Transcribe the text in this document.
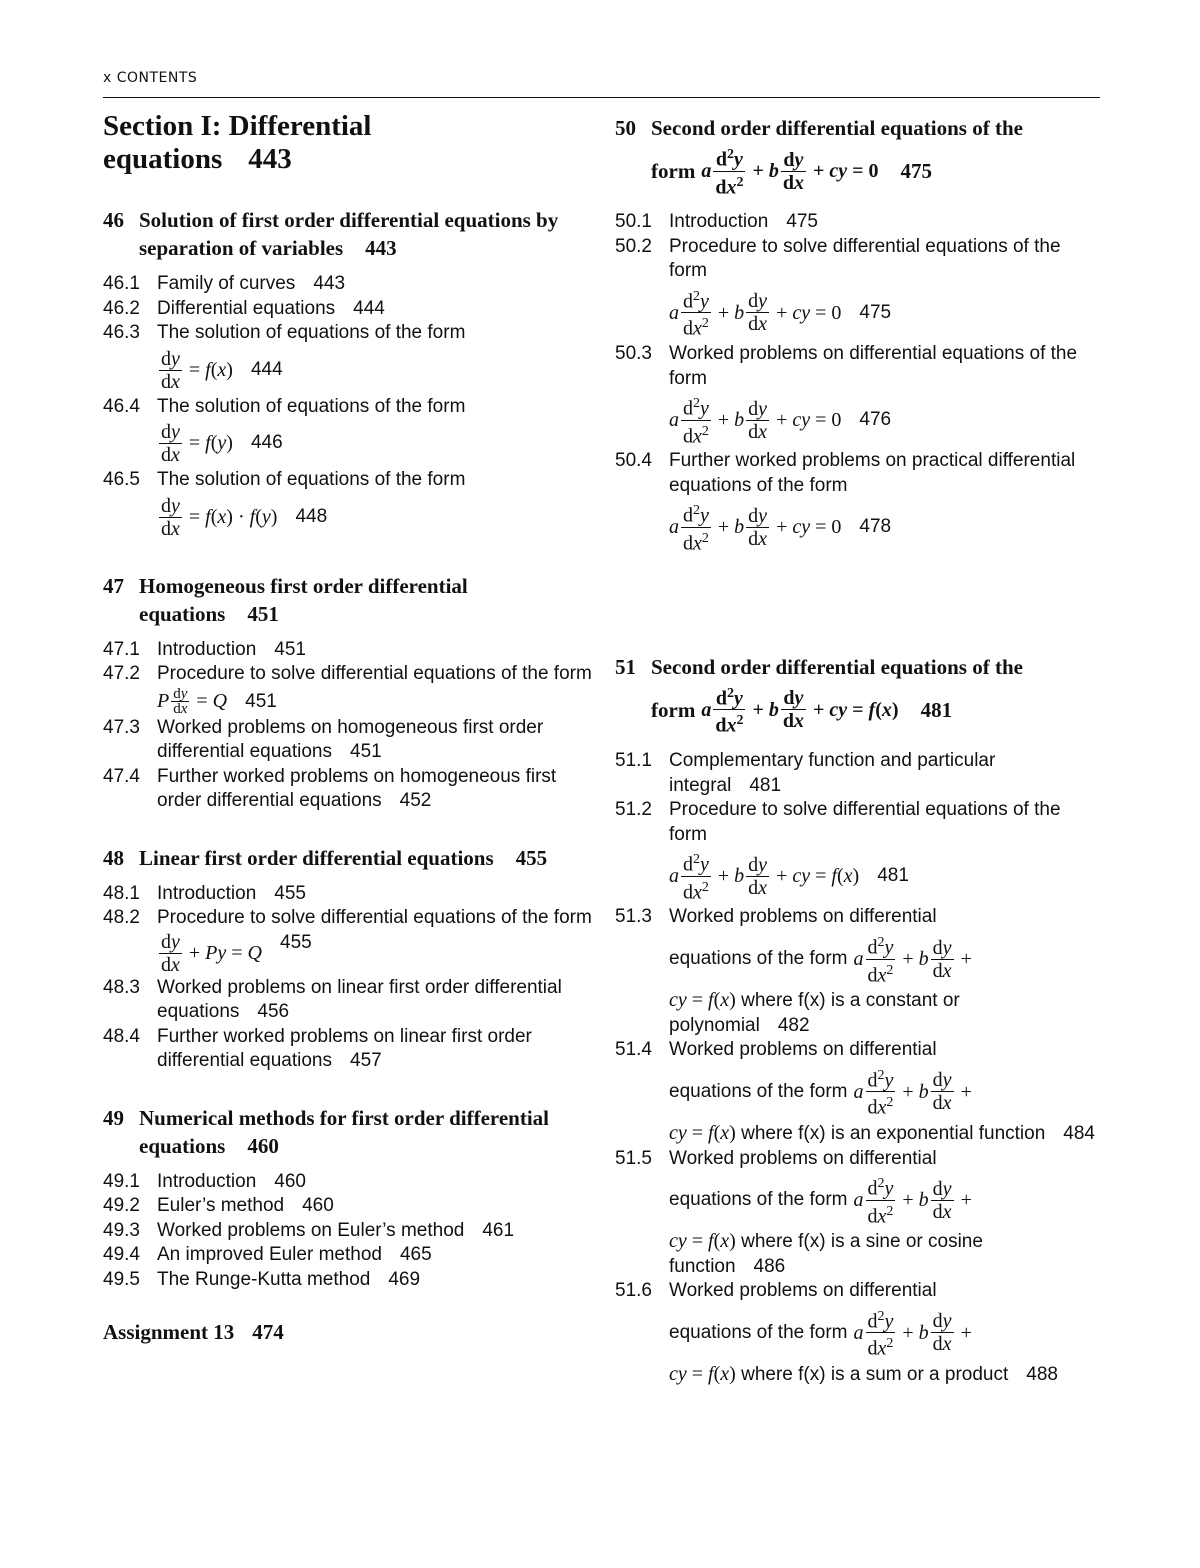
x CONTENTS
Section I: Differential
equations 443
46 Solution of first order differential equations by separation of variables 443
46.1 Family of curves 443
46.2 Differential equations 444
46.3 The solution of equations of the form
$\frac{dy}{dx} = f$ ( x ) 444
46.4 The solution of equations of the form
$\frac{dy}{dx} = f$ ( y ) 446
46.5 The solution of equations of the form
$\frac{dy}{dx} = f$ ( x ) · f ( y ) 448
47 Homogeneous first order differential equations 451
47.1 Introduction 451
47.2 Procedure to solve differential equations of the form
P $\frac{dy}{dx} = Q$ 451
47.3 Worked problems on homogeneous first order differential equations 451
47.4 Further worked problems on homogeneous first order differential equations 452
48 Linear first order differential equations 455
48.1 Introduction 455
48.2 Procedure to solve differential equations of the form
$\frac{dy}{dx} + Py = Q$ 455
48.3 Worked problems on linear first order differential equations 456
48.4 Further worked problems on linear first order differential equations 457
49 Numerical methods for first order differential equations 460
49.1 Introduction 460
49.2 Euler’s method 460
49.3 Worked problems on Euler’s method 461
49.4 An improved Euler method 465
49.5 The Runge-Kutta method 469
Assignment 13 474
50 Second order differential equations of the
form a $\frac{d^2y}{dx^2} + b \frac{dy}{dx}$ + cy = 0 475
50.1 Introduction 475
50.2 Procedure to solve differential equations of the form
a $\frac{d^2y}{dx^2} + b \frac{dy}{dx}$ + cy = 0 475
50.3 Worked problems on differential equations of the form
a $\frac{d^2y}{dx^2} + b \frac{dy}{dx}$ + cy = 0 476
50.4 Further worked problems on practical differential equations of the form
a $\frac{d^2y}{dx^2} + b \frac{dy}{dx}$ + cy = 0 478
51 Second order differential equations of the
form a $\frac{d^2y}{dx^2} + b \frac{dy}{dx}$ + cy = f ( x ) 481
51.1 Complementary function and particular integral 481
51.2 Procedure to solve differential equations of the form
a $\frac{d^2y}{dx^2} + b \frac{dy}{dx}$ + cy = f ( x ) 481
51.3 Worked problems on differential
equations of the form a $\frac{d^2y}{dx^2} + b \frac{dy}{dx}$ +
cy = f ( x ) where f(x) is a constant or polynomial 482
51.4 Worked problems on differential
equations of the form a $\frac{d^2y}{dx^2} + b \frac{dy}{dx}$ +
cy = f ( x ) where f(x) is an exponential function 484
51.5 Worked problems on differential
equations of the form a $\frac{d^2y}{dx^2} + b \frac{dy}{dx}$ +
cy = f ( x ) where f(x) is a sine or cosine function 486
51.6 Worked problems on differential
equations of the form a $\frac{d^2y}{dx^2} + b \frac{dy}{dx}$ +
cy = f ( x ) where f(x) is a sum or a product 488
